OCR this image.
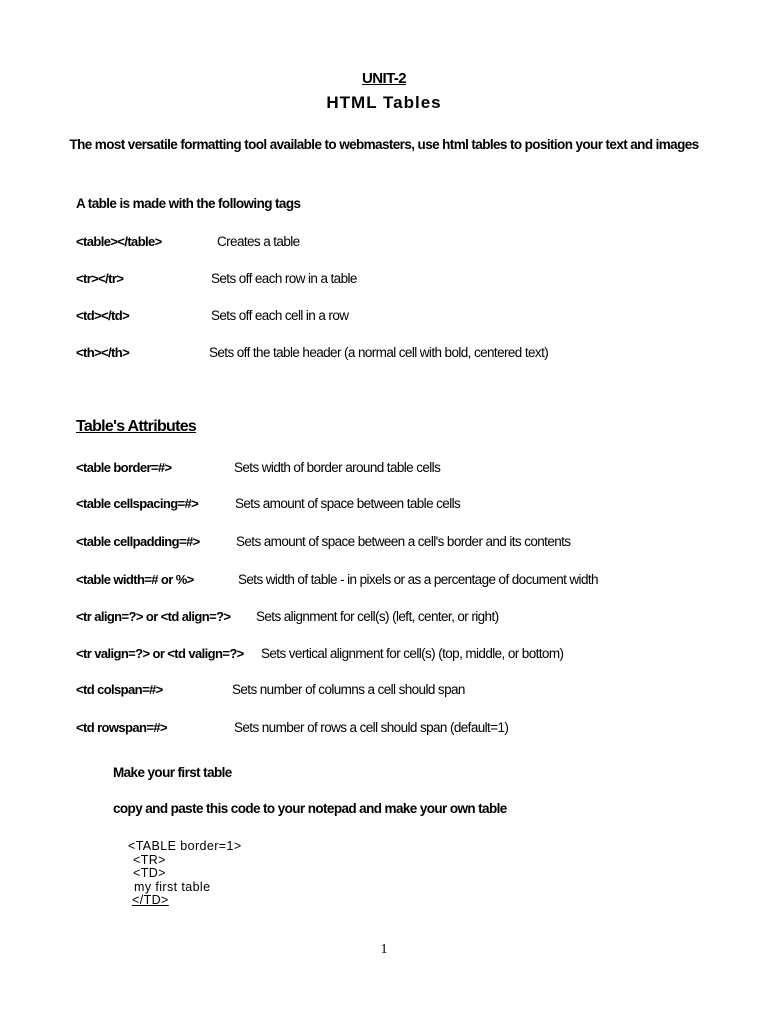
UNIT-2
HTML Tables
The most versatile formatting tool available to webmasters, use html tables to position your text and images
A table is made with the following tags
<table></table>	Creates a table
<tr></tr>	Sets off each row in a table
<td></td>	Sets off each cell in a row
<th></th>	Sets off the table header (a normal cell with bold, centered text)
Table's Attributes
<table border=#>	Sets width of border around table cells
<table cellspacing=#>	Sets amount of space between table cells
<table cellpadding=#>	Sets amount of space between a cell's border and its contents
<table width=# or %>	Sets width of table - in pixels or as a percentage of document width
<tr align=?> or <td align=?> Sets alignment for cell(s) (left, center, or right)
<tr valign=?> or <td valign=?> Sets vertical alignment for cell(s) (top, middle, or bottom)
<td colspan=#>	Sets number of columns a cell should span
<td rowspan=#>	Sets number of rows a cell should span (default=1)
Make your first table
copy and paste this code to your notepad and make your own table
<TABLE border=1>
<TR>
<TD>
my first table
</TD>
1
